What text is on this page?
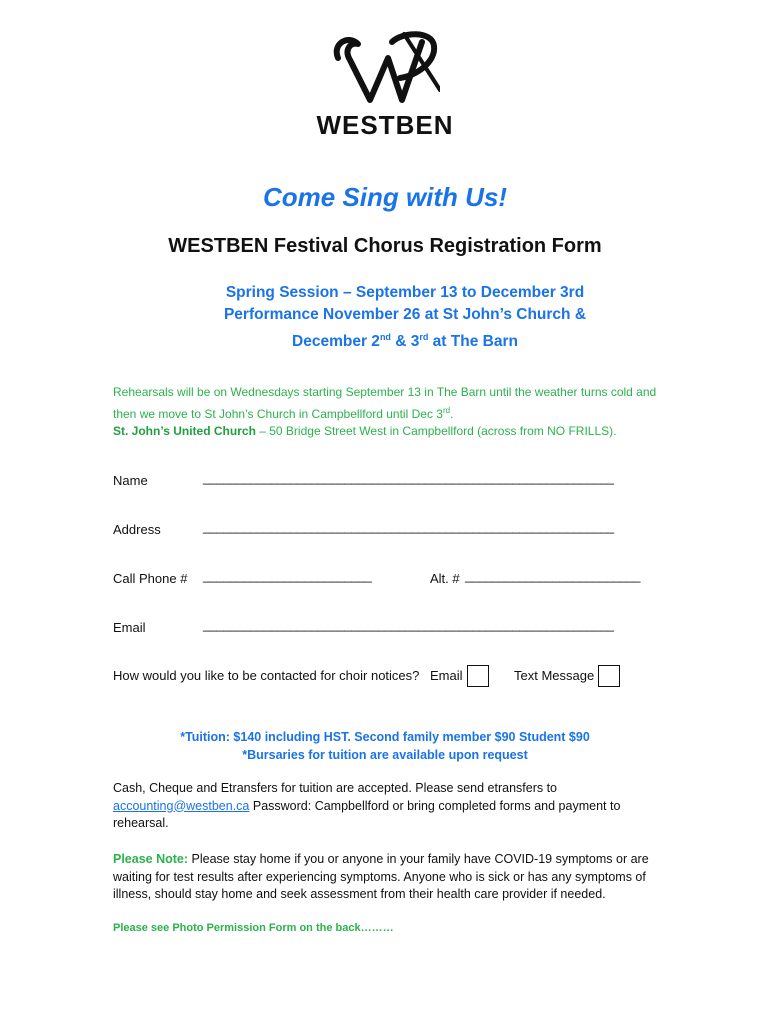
WESTBEN
Come Sing with Us!
WESTBEN Festival Chorus Registration Form
Spring Session – September 13 to December 3rd
Performance November 26 at St John’s Church &
December 2nd & 3rd at The Barn
Rehearsals will be on Wednesdays starting September 13 in The Barn until the weather turns cold and then we move to St John’s Church in Campbellford until Dec 3rd.
St. John’s United Church – 50 Bridge Street West in Campbellford (across from NO FRILLS).
Name	_____________________________________________________________
Address	_____________________________________________________________
Call Phone # _________________________	Alt. # __________________________
Email	_____________________________________________________________
How would you like to be contacted for choir notices? Email	Text Message
*Tuition: $140 including HST. Second family member $90 Student $90
*Bursaries for tuition are available upon request
Cash, Cheque and Etransfers for tuition are accepted. Please send etransfers to accounting@westben.ca Password: Campbellford or bring completed forms and payment to rehearsal.
Please Note: Please stay home if you or anyone in your family have COVID-19 symptoms or are waiting for test results after experiencing symptoms. Anyone who is sick or has any symptoms of illness, should stay home and seek assessment from their health care provider if needed.
Please see Photo Permission Form on the back………
